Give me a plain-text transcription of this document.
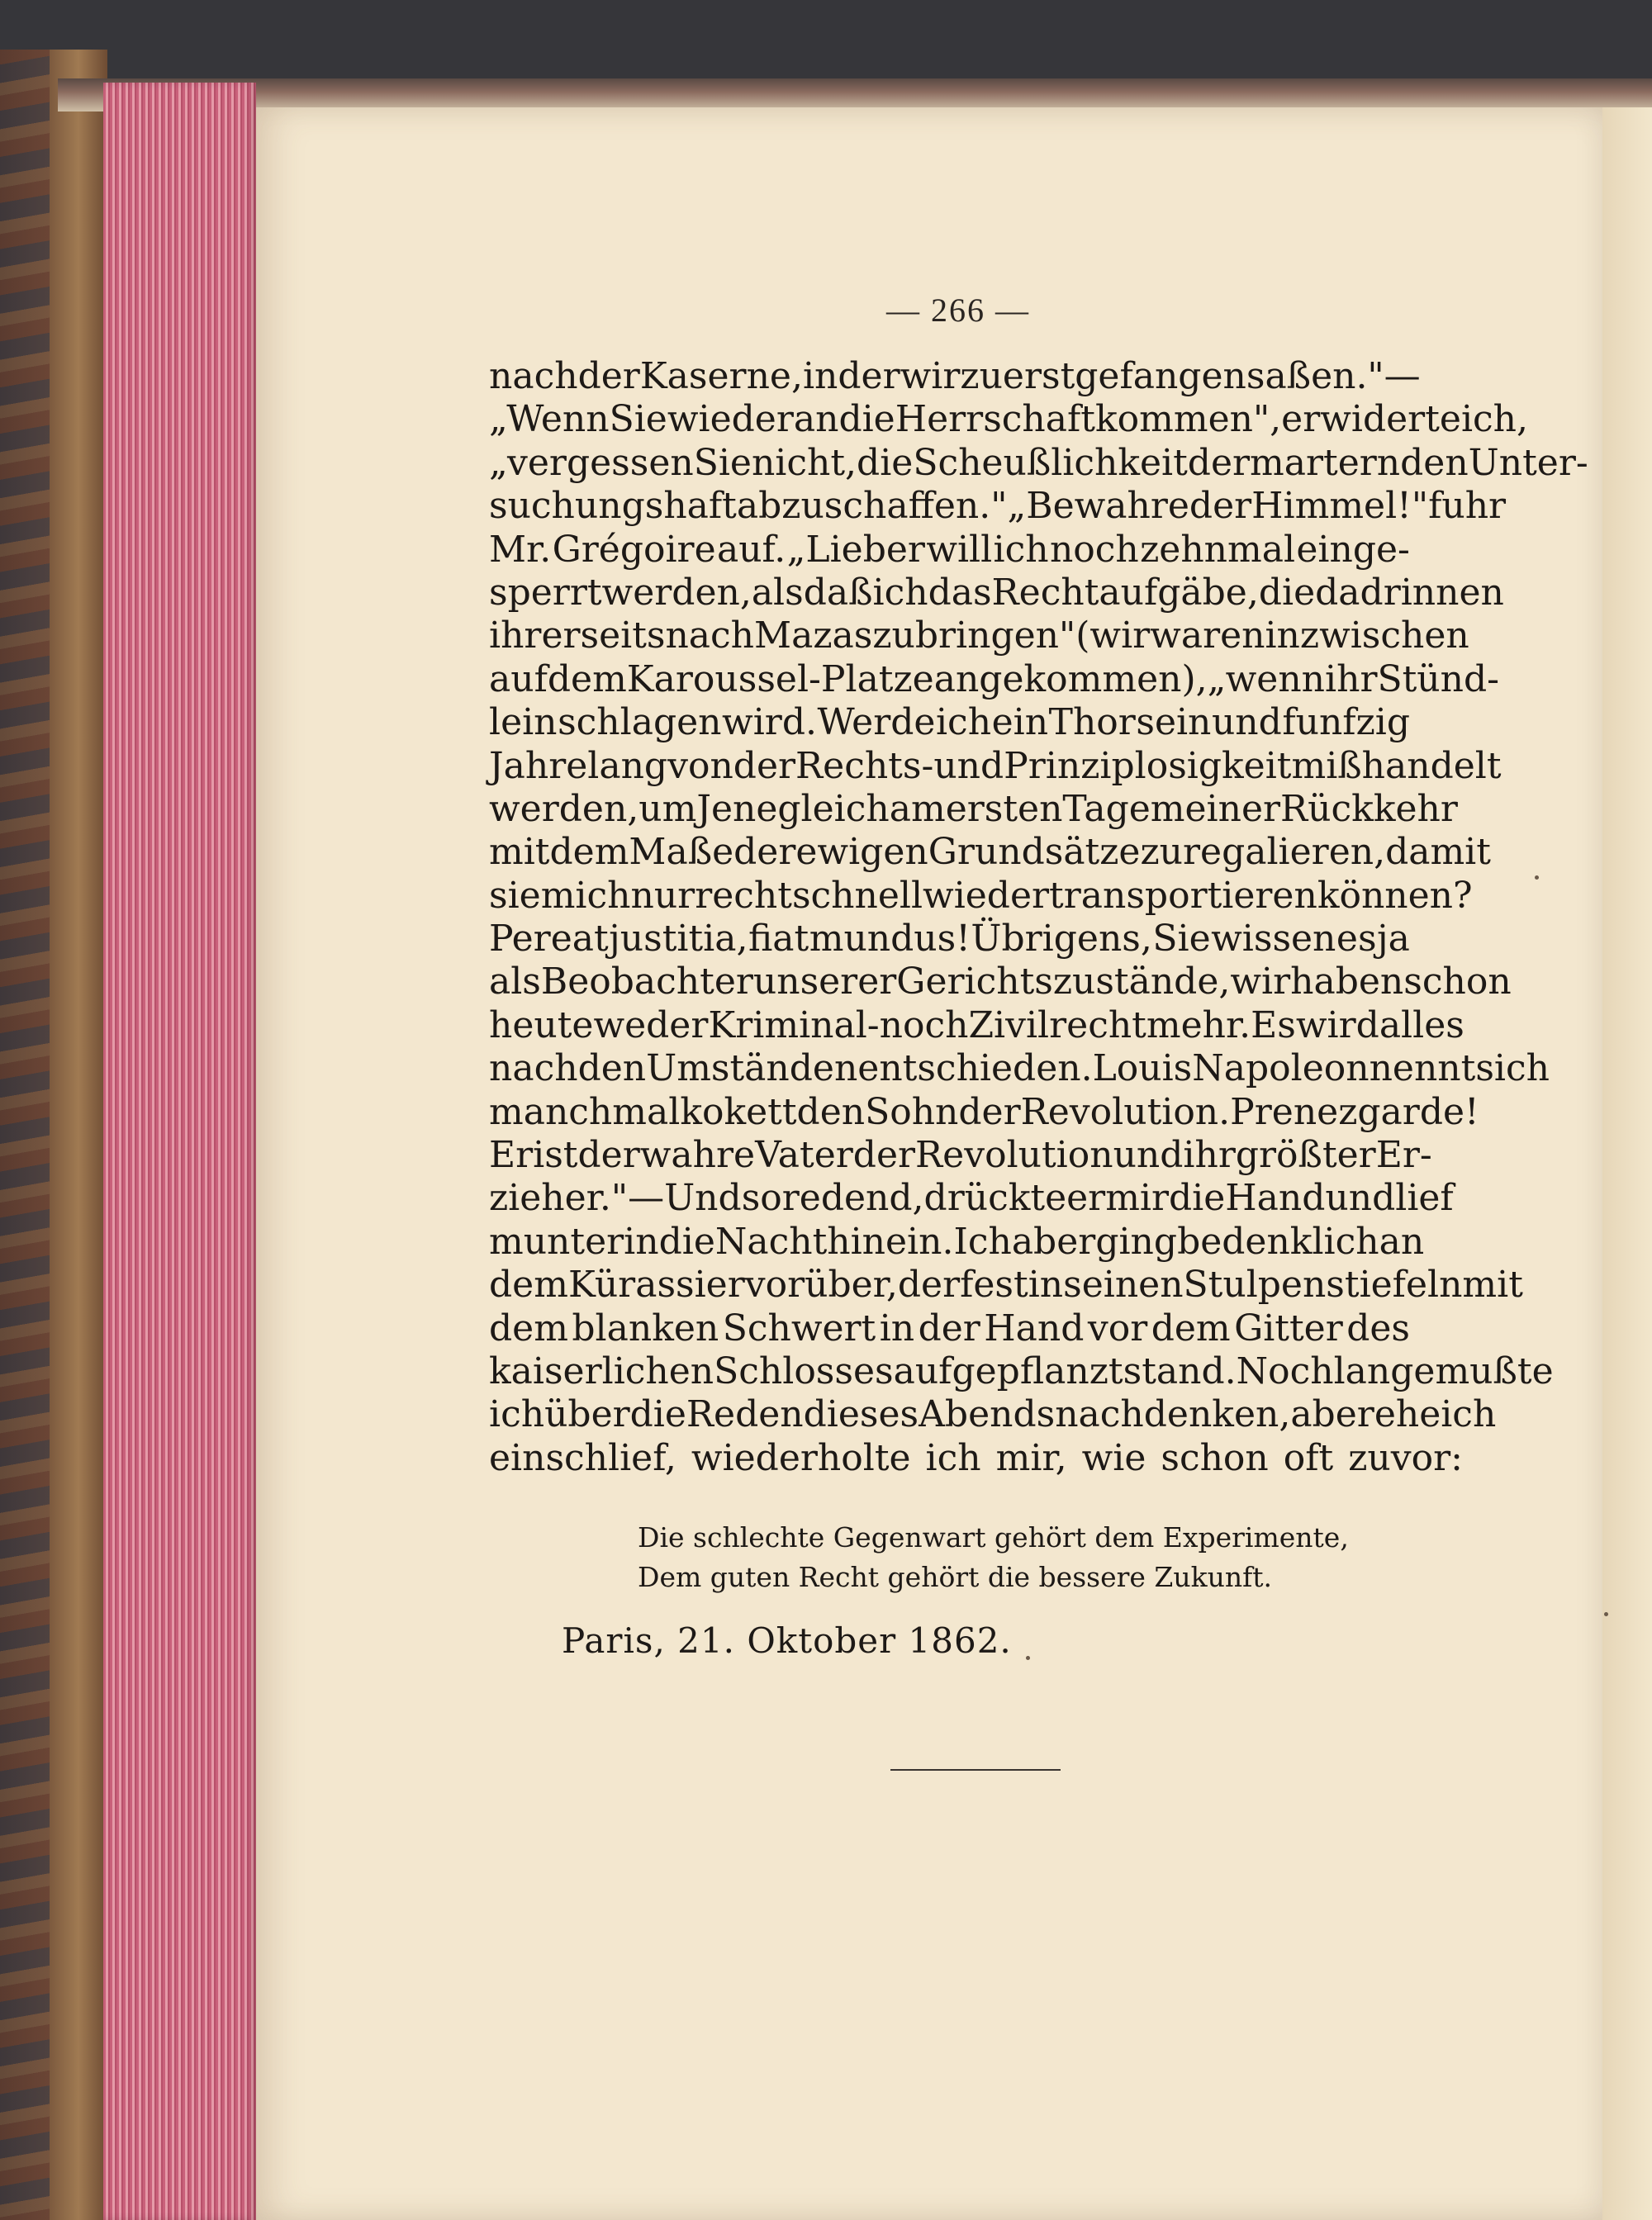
— 266 —
nach der Kaserne, in der wir zuerst gefangen saßen." —
„Wenn Sie wieder an die Herrschaft kommen", erwiderte ich,
„vergessen Sie nicht, die Scheußlichkeit der marternden Unter-
suchungshaft abzuschaffen." „Bewahre der Himmel!" fuhr
Mr. Grégoire auf. „Lieber will ich noch zehnmal einge-
sperrt werden, als daß ich das Recht aufgäbe, die da drinnen
ihrerseits nach Mazas zu bringen" (wir waren inzwischen
auf dem Karoussel-Platze angekommen), „wenn ihr Stünd-
lein schlagen wird. Werde ich ein Thor sein und funfzig
Jahre lang von der Rechts- und Prinziplosigkeit mißhandelt
werden, um Jene gleich am ersten Tage meiner Rückkehr
mit dem Maße der ewigen Grundsätze zu regalieren, damit
sie mich nur recht schnell wieder transportieren können?
Pereat justitia, fiat mundus! Übrigens, Sie wissen es ja
als Beobachter unserer Gerichtszustände, wir haben schon
heute weder Kriminal- noch Zivilrecht mehr. Es wird alles
nach den Umständen entschieden. Louis Napoleon nennt sich
manchmal kokett den Sohn der Revolution. Prenez garde!
Er ist der wahre Vater der Revolution und ihr größter Er-
zieher." — Und so redend, drückte er mir die Hand und lief
munter in die Nacht hinein. Ich aber ging bedenklich an
dem Kürassier vorüber, der fest in seinen Stulpenstiefeln mit
dem blanken Schwert in der Hand vor dem Gitter des
kaiserlichen Schlosses aufgepflanzt stand. Noch lange mußte
ich über die Reden dieses Abends nachdenken, aber ehe ich
einschlief, wiederholte ich mir, wie schon oft zuvor:
Die schlechte Gegenwart gehört dem Experimente,
Dem guten Recht gehört die bessere Zukunft.
Paris, 21. Oktober 1862.
